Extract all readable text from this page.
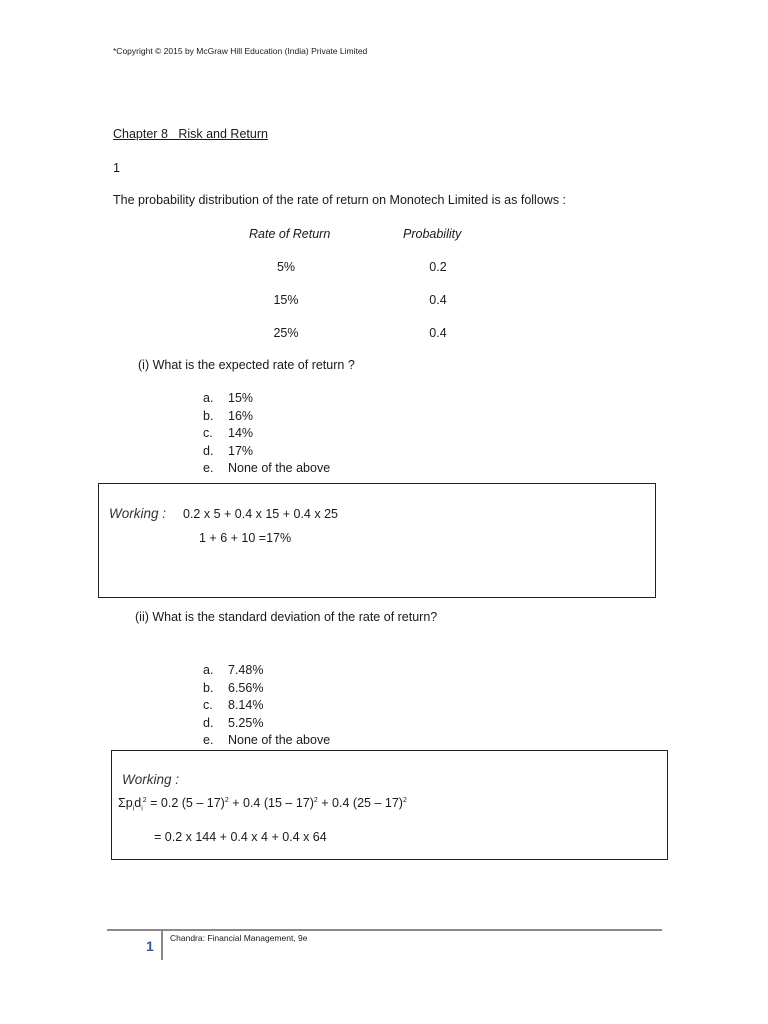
*Copyright © 2015 by McGraw Hill Education (India) Private Limited
Chapter 8   Risk and Return
1
The probability distribution of the rate of return on Monotech Limited is as follows :
Rate of Return	Probability
5%	0.2
15%	0.4
25%	0.4
(i) What is the expected rate of return ?
a.	15%
b.	16%
c.	14%
d.	17%
e.	None of the above
Working : 0.2 x 5 + 0.4 x 15 + 0.4 x 25
1 + 6 + 10 =17%
(ii) What is the standard deviation of the rate of return?
a.	7.48%
b.	6.56%
c.	8.14%
d.	5.25%
e.	None of the above
Working :
$\Sigma p_id_i^2 = 0.2$ (5 – 17)$^2$ + 0.4 (15 – 17)$^2$ + 0.4 (25 – 17)$^2$
= 0.2 x 144 + 0.4 x 4 + 0.4 x 64
Chandra: Financial Management, 9e
1
